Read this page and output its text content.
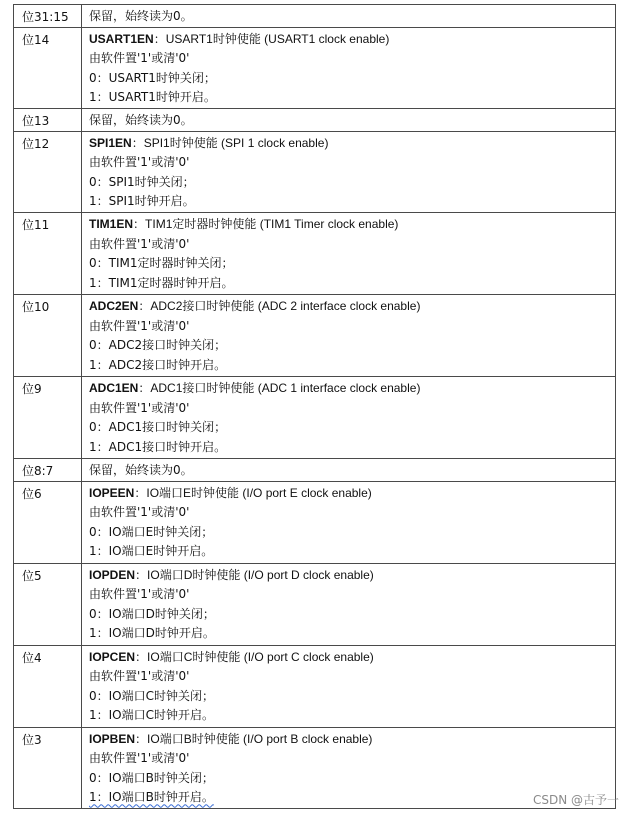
位31:15	保留，始终读为0。

位14	USART1EN：USART1时钟使能 (USART1 clock enable)
由软件置'1'或清'0'
0：USART1时钟关闭；
1：USART1时钟开启。

位13	保留，始终读为0。

位12	SPI1EN：SPI1时钟使能 (SPI 1 clock enable)
由软件置'1'或清'0'
0：SPI1时钟关闭；
1：SPI1时钟开启。

位11	TIM1EN：TIM1定时器时钟使能 (TIM1 Timer clock enable)
由软件置'1'或清'0'
0：TIM1定时器时钟关闭；
1：TIM1定时器时钟开启。

位10	ADC2EN：ADC2接口时钟使能 (ADC 2 interface clock enable)
由软件置'1'或清'0'
0：ADC2接口时钟关闭；
1：ADC2接口时钟开启。

位9	ADC1EN：ADC1接口时钟使能 (ADC 1 interface clock enable)
由软件置'1'或清'0'
0：ADC1接口时钟关闭；
1：ADC1接口时钟开启。

位8:7	保留，始终读为0。

位6	IOPEEN：IO端口E时钟使能 (I/O port E clock enable)
由软件置'1'或清'0'
0：IO端口E时钟关闭；
1：IO端口E时钟开启。

位5	IOPDEN：IO端口D时钟使能 (I/O port D clock enable)
由软件置'1'或清'0'
0：IO端口D时钟关闭；
1：IO端口D时钟开启。

位4	IOPCEN：IO端口C时钟使能 (I/O port C clock enable)
由软件置'1'或清'0'
0：IO端口C时钟关闭；
1：IO端口C时钟开启。

位3	IOPBEN：IO端口B时钟使能 (I/O port B clock enable)
由软件置'1'或清'0'
0：IO端口B时钟关闭；
1：IO端口B时钟开启。	CSDN @古予一
